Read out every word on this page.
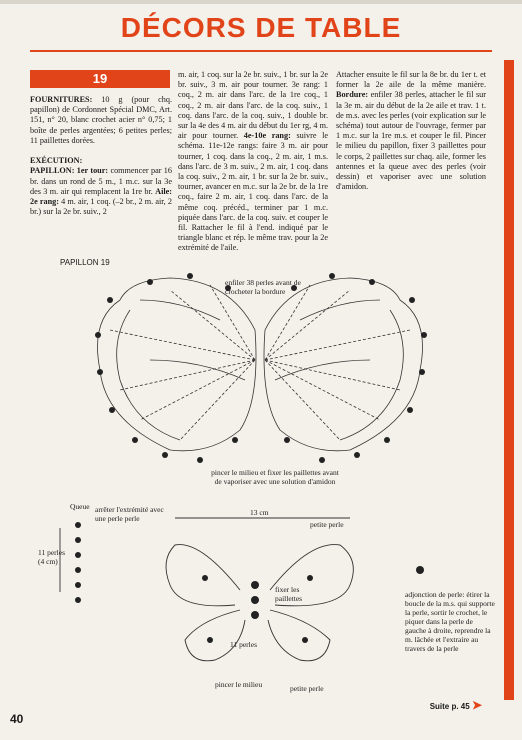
DÉCORS DE TABLE
19
FOURNITURES: 10 g (pour chq. papillon) de Cordonnet Spécial DMC, Art. 151, n° 20, blanc crochet acier n° 0,75; 1 boîte de perles argentées; 6 petites perles; 11 paillettes dorées.

EXÉCUTION:
PAPILLON: 1er tour: commencer par 16 br. dans un rond de 5 m., 1 m.c. sur la 3e des 3 m. air qui remplacent la 1re br. Aile: 2e rang: 4 m. air, 1 coq. (–2 br., 2 m. air, 2 br.) sur la 2e br. suiv., 2
m. air, 1 coq. sur la 2e br. suiv., 1 br. sur la 2e br. suiv., 3 m. air pour tourner. 3e rang: 1 coq., 2 m. air dans l'arc. de la 1re coq., 1 coq., 2 m. air dans l'arc. de la coq. suiv., 1 coq. dans l'arc. de la coq. suiv., 1 double br. sur la 4e des 4 m. air du début du 1er rg, 4 m. air pour tourner. 4e-10e rang: suivre le schéma. 11e-12e rangs: faire 3 m. air pour tourner, 1 coq. dans la coq., 2 m. air, 1 m.s. dans l'arc. de 3 m. suiv., 2 m. air, 1 coq. dans la coq. suiv., 2 m. air, 1 br. sur la 2e br. suiv., tourner, avancer en m.c. sur la 2e br. de la 1re coq., faire 2 m. air, 1 coq. dans l'arc. de la même coq. précéd., terminer par 1 m.c. piquée dans l'arc. de la coq. suiv. et couper le fil. Rattacher le fil à l'end. indiqué par le triangle blanc et rép. le même trav. pour la 2e extrémité de l'aile.
Attacher ensuite le fil sur la 8e br. du 1er t. et former la 2e aile de la même manière. Bordure: enfiler 38 perles, attacher le fil sur la 3e m. air du début de la 2e aile et trav. 1 t. de m.s. avec les perles (voir explication sur le schéma) tout autour de l'ouvrage, fermer par 1 m.c. sur la 1re m.s. et couper le fil. Pincer le milieu du papillon, fixer 3 paillettes pour le corps, 2 paillettes sur chaq. aile, former les antennes et la queue avec des perles (voir dessin) et vaporiser avec une solution d'amidon.
PAPILLON 19
enfiler 38 perles avant de crocheter la bordure
pincer le milieu et fixer les paillettes avant de vaporiser avec une solution d'amidon
Queue arrêter l'extrémité avec une perle perle
11 perles (4 cm)
13 cm
petite perle
fixer les paillettes
11 perles
pincer le milieu	petite perle
adjonction de perle: étirer la boucle de la m.s. qui supporte la perle, sortir le crochet, le piquer dans la perle de gauche à droite, reprendre la m. lâchée et l'extraire au travers de la perle
40
Suite p. 45 ➤
